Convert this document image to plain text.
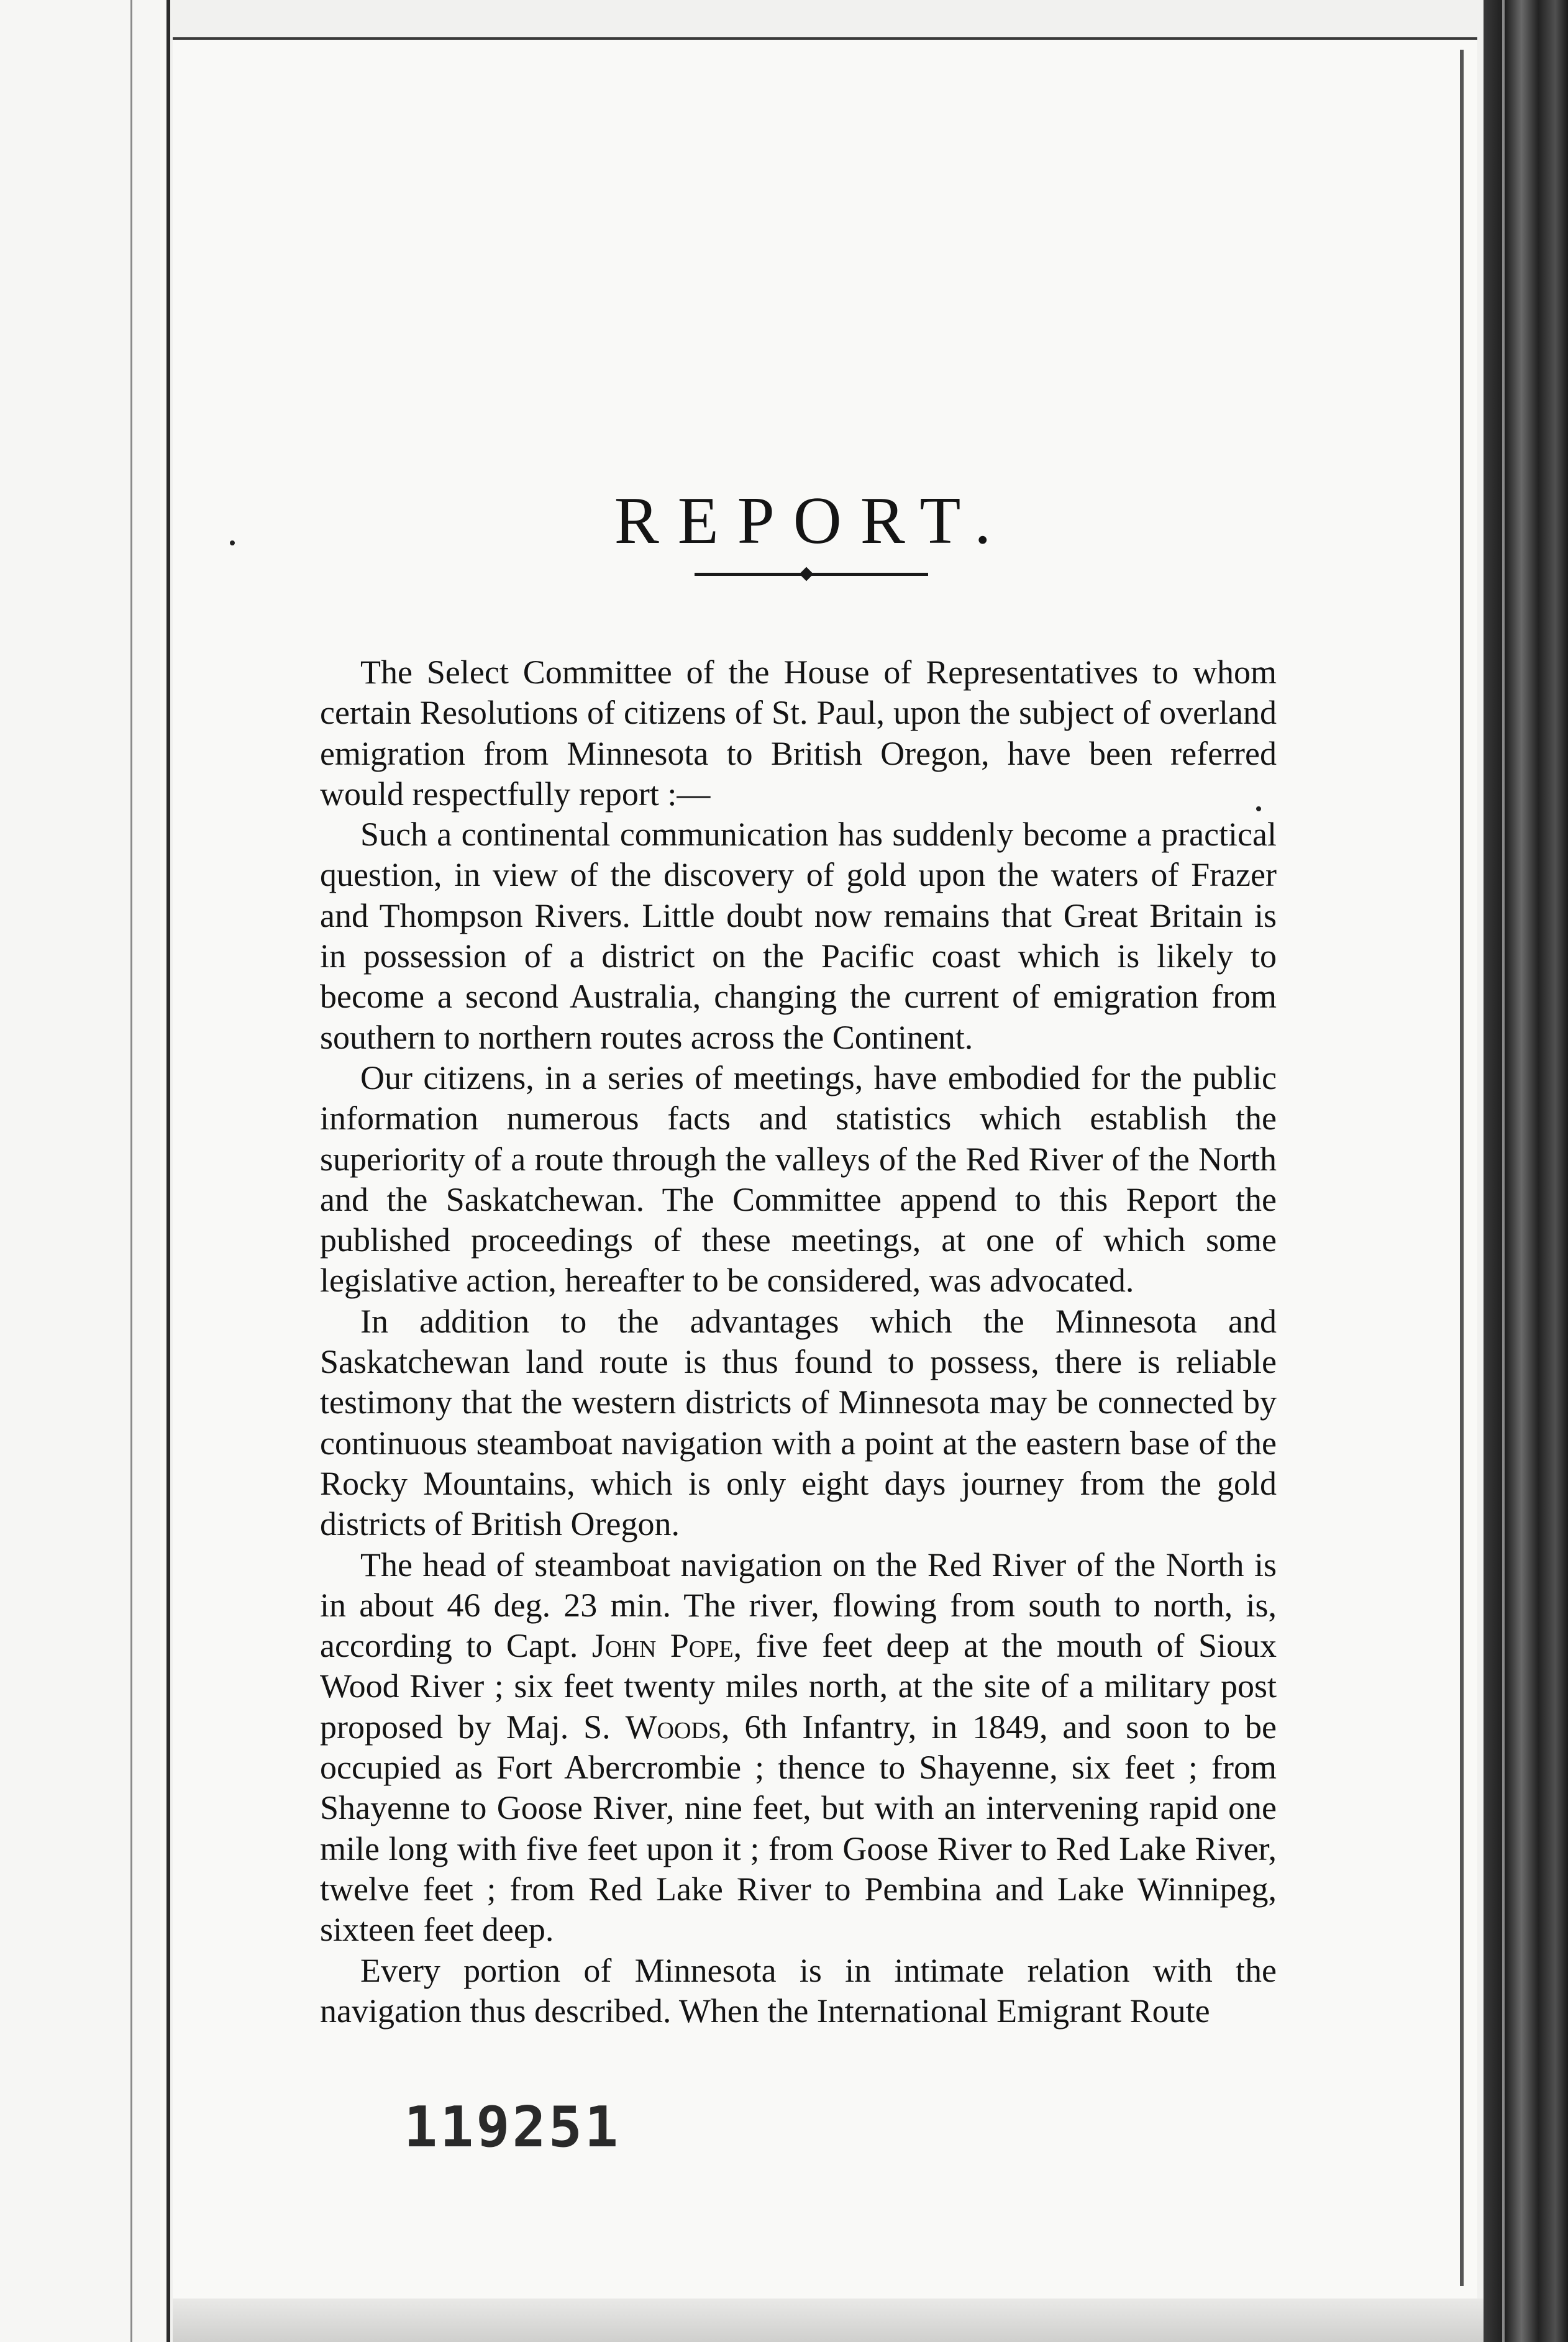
REPORT.

The Select Committee of the House of Representatives to whom certain Resolutions of citizens of St. Paul, upon the subject of overland emigration from Minnesota to British Oregon, have been referred would respectfully report :—

Such a continental communication has suddenly become a practical question, in view of the discovery of gold upon the waters of Frazer and Thompson Rivers. Little doubt now remains that Great Britain is in possession of a district on the Pacific coast which is likely to become a second Australia, changing the current of emigration from southern to northern routes across the Continent.

Our citizens, in a series of meetings, have embodied for the public information numerous facts and statistics which establish the superiority of a route through the valleys of the Red River of the North and the Saskatchewan. The Committee append to this Report the published proceedings of these meetings, at one of which some legislative action, hereafter to be considered, was advocated.

In addition to the advantages which the Minnesota and Saskatchewan land route is thus found to possess, there is reliable testimony that the western districts of Minnesota may be connected by continuous steamboat navigation with a point at the eastern base of the Rocky Mountains, which is only eight days journey from the gold districts of British Oregon.

The head of steamboat navigation on the Red River of the North is in about 46 deg. 23 min. The river, flowing from south to north, is, according to Capt. John Pope, five feet deep at the mouth of Sioux Wood River ; six feet twenty miles north, at the site of a military post proposed by Maj. S. Woods, 6th Infantry, in 1849, and soon to be occupied as Fort Abercrombie ; thence to Shayenne, six feet ; from Shayenne to Goose River, nine feet, but with an intervening rapid one mile long with five feet upon it ; from Goose River to Red Lake River, twelve feet ; from Red Lake River to Pembina and Lake Winnipeg, sixteen feet deep.

Every portion of Minnesota is in intimate relation with the navigation thus described. When the International Emigrant Route

119251
